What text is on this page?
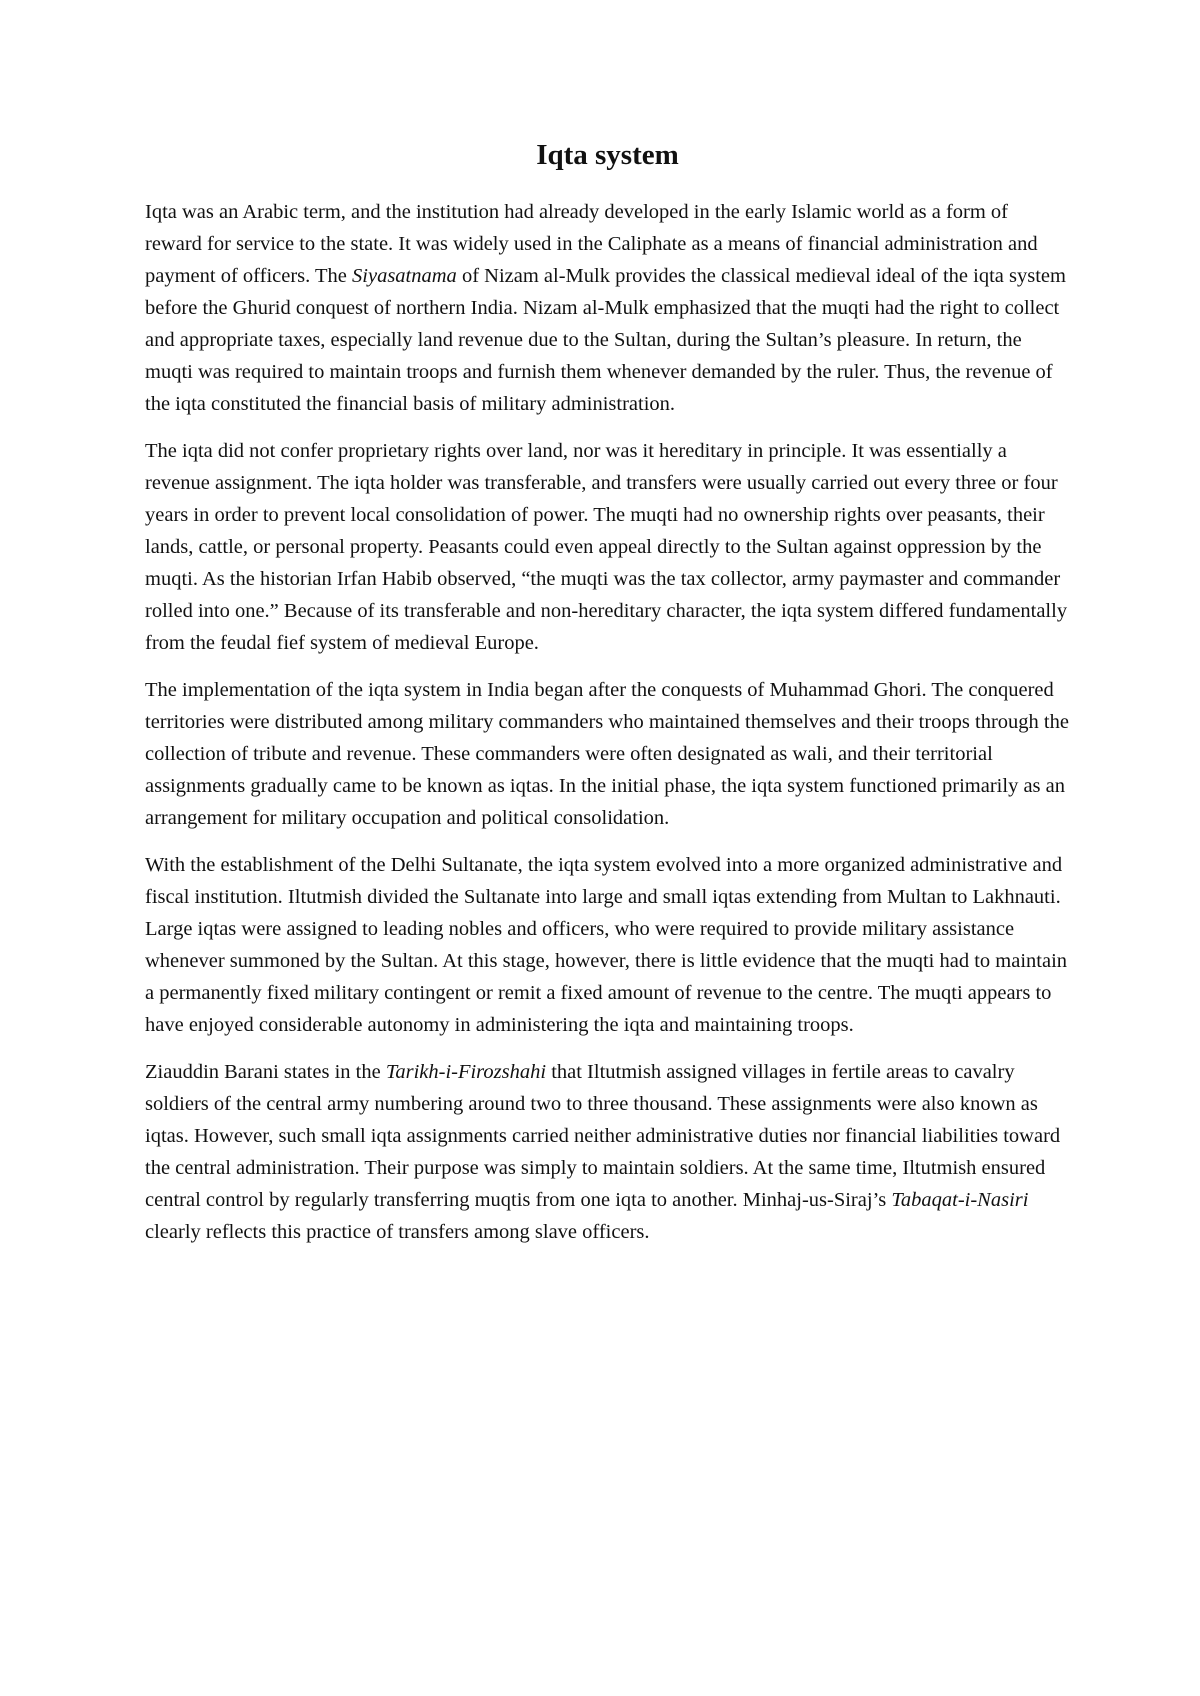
Iqta system

Iqta was an Arabic term, and the institution had already developed in the early Islamic world as a form of reward for service to the state. It was widely used in the Caliphate as a means of financial administration and payment of officers. The Siyasatnama of Nizam al-Mulk provides the classical medieval ideal of the iqta system before the Ghurid conquest of northern India. Nizam al-Mulk emphasized that the muqti had the right to collect and appropriate taxes, especially land revenue due to the Sultan, during the Sultan’s pleasure. In return, the muqti was required to maintain troops and furnish them whenever demanded by the ruler. Thus, the revenue of the iqta constituted the financial basis of military administration.

The iqta did not confer proprietary rights over land, nor was it hereditary in principle. It was essentially a revenue assignment. The iqta holder was transferable, and transfers were usually carried out every three or four years in order to prevent local consolidation of power. The muqti had no ownership rights over peasants, their lands, cattle, or personal property. Peasants could even appeal directly to the Sultan against oppression by the muqti. As the historian Irfan Habib observed, “the muqti was the tax collector, army paymaster and commander rolled into one.” Because of its transferable and non-hereditary character, the iqta system differed fundamentally from the feudal fief system of medieval Europe.

The implementation of the iqta system in India began after the conquests of Muhammad Ghori. The conquered territories were distributed among military commanders who maintained themselves and their troops through the collection of tribute and revenue. These commanders were often designated as wali, and their territorial assignments gradually came to be known as iqtas. In the initial phase, the iqta system functioned primarily as an arrangement for military occupation and political consolidation.

With the establishment of the Delhi Sultanate, the iqta system evolved into a more organized administrative and fiscal institution. Iltutmish divided the Sultanate into large and small iqtas extending from Multan to Lakhnauti. Large iqtas were assigned to leading nobles and officers, who were required to provide military assistance whenever summoned by the Sultan. At this stage, however, there is little evidence that the muqti had to maintain a permanently fixed military contingent or remit a fixed amount of revenue to the centre. The muqti appears to have enjoyed considerable autonomy in administering the iqta and maintaining troops.

Ziauddin Barani states in the Tarikh-i-Firozshahi that Iltutmish assigned villages in fertile areas to cavalry soldiers of the central army numbering around two to three thousand. These assignments were also known as iqtas. However, such small iqta assignments carried neither administrative duties nor financial liabilities toward the central administration. Their purpose was simply to maintain soldiers. At the same time, Iltutmish ensured central control by regularly transferring muqtis from one iqta to another. Minhaj-us-Siraj’s Tabaqat-i-Nasiri clearly reflects this practice of transfers among slave officers.
